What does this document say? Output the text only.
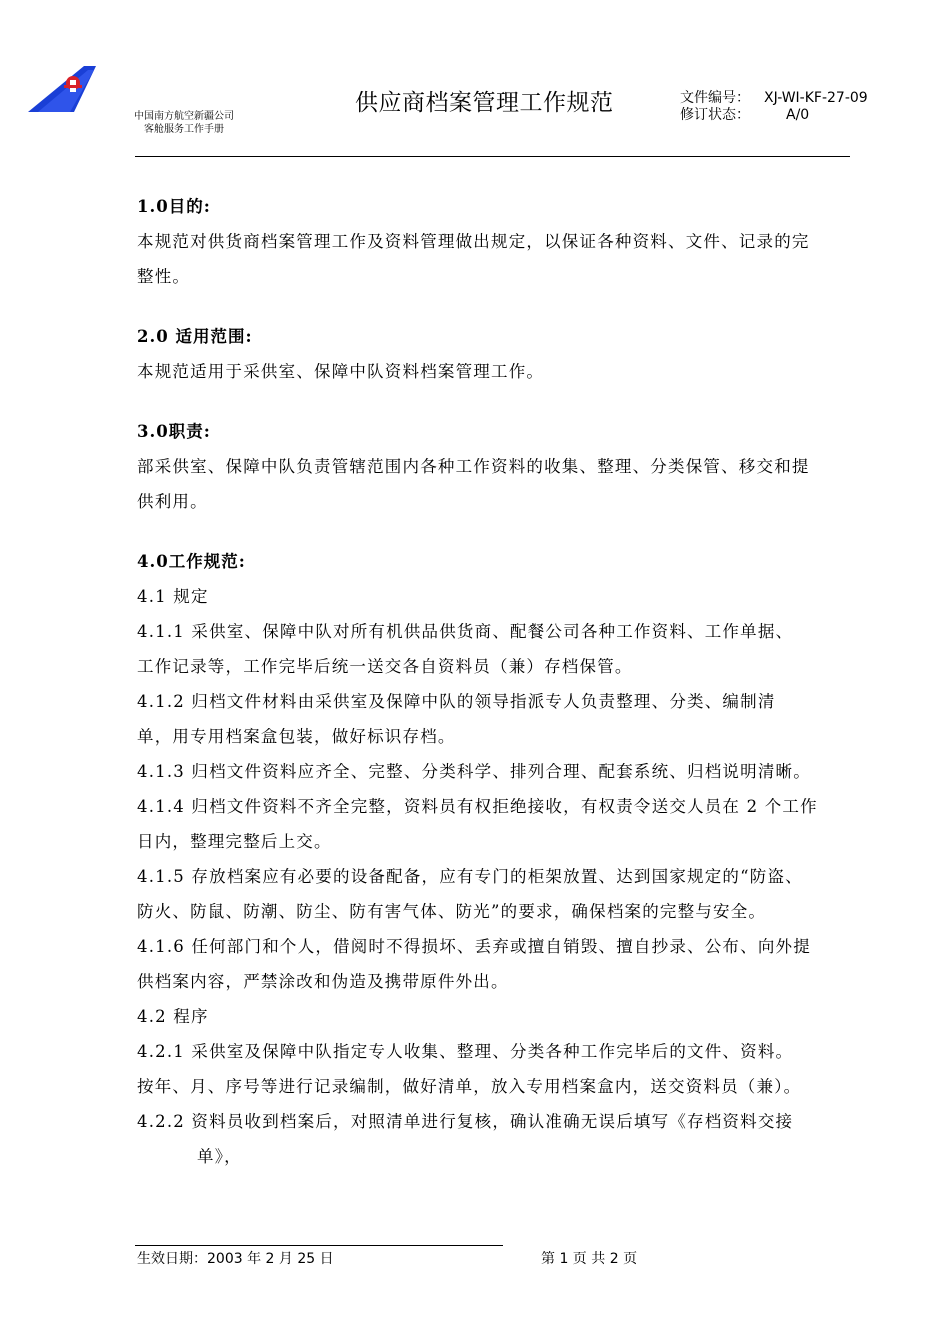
中国南方航空新疆公司
客舱服务工作手册
供应商档案管理工作规范	文件编号： XJ-WI-KF-27-09
修订状态：	A/0
1.0目的:
本规范对供货商档案管理工作及资料管理做出规定，以保证各种资料、文件、记录的完
整性。
2.0 适用范围:
本规范适用于采供室、保障中队资料档案管理工作。
3.0职责:
部采供室、保障中队负责管辖范围内各种工作资料的收集、整理、分类保管、移交和提
供利用。
4.0工作规范:
4.1 规定
4.1.1 采供室、保障中队对所有机供品供货商、配餐公司各种工作资料、工作单据、
工作记录等，工作完毕后统一送交各自资料员（兼）存档保管。
4.1.2 归档文件材料由采供室及保障中队的领导指派专人负责整理、分类、编制清
单，用专用档案盒包装，做好标识存档。
4.1.3 归档文件资料应齐全、完整、分类科学、排列合理、配套系统、归档说明清晰。
4.1.4 归档文件资料不齐全完整，资料员有权拒绝接收，有权责令送交人员在 2 个工作
日内，整理完整后上交。
4.1.5 存放档案应有必要的设备配备，应有专门的柜架放置、达到国家规定的“防盗、
防火、防鼠、防潮、防尘、防有害气体、防光”的要求，确保档案的完整与安全。
4.1.6 任何部门和个人，借阅时不得损坏、丢弃或擅自销毁、擅自抄录、公布、向外提
供档案内容，严禁涂改和伪造及携带原件外出。
4.2 程序
4.2.1 采供室及保障中队指定专人收集、整理、分类各种工作完毕后的文件、资料。
按年、月、序号等进行记录编制，做好清单，放入专用档案盒内，送交资料员（兼）。
4.2.2 资料员收到档案后，对照清单进行复核，确认准确无误后填写《存档资料交接
单》，
生效日期：2003 年 2 月 25 日	第 1 页 共 2 页
